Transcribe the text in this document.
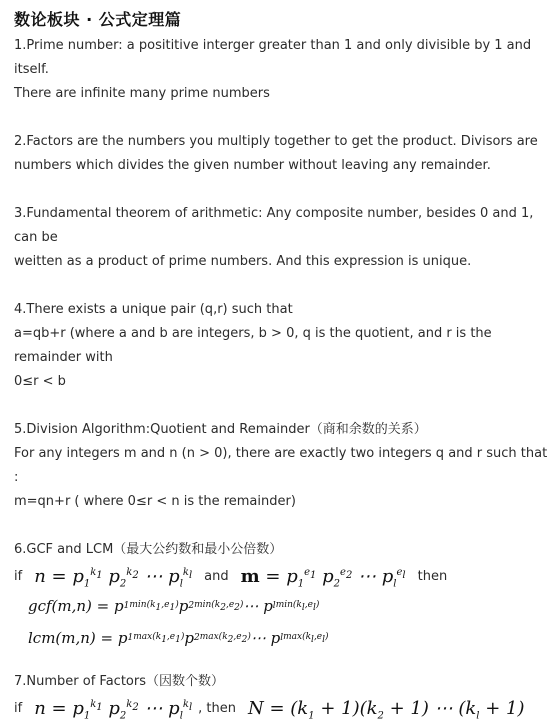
数论板块 · 公式定理篇

1.Prime number: a posititive interger greater than 1 and only divisible by 1 and itself.

There are infinite many prime numbers

2.Factors are the numbers you multiply together to get the product. Divisors are

numbers which divides the given number without leaving any remainder.

3.Fundamental theorem of arithmetic: Any composite number, besides 0 and 1, can be

weitten as a product of prime numbers. And this expression is unique.

4.There exists a unique pair (q,r) such that

a=qb+r (where a and b are integers, b > 0, q is the quotient, and r is the remainder with

0≤r < b

5.Division Algorithm:Quotient and Remainder（商和余数的关系）

For any integers m and n (n > 0), there are exactly two integers q and r such that :

m=qn+r ( where 0≤r < n is the remainder)

6.GCF and LCM（最大公约数和最小公倍数）

if $n = p_1^{k_1}$ $p_2^{k_2}$ ⋯ $p_l^{k_l}$ and $m = p_1^{e_1}$ $p_2^{e_2}$ ⋯ $p_l^{e_l}$ then
gcf(m,n) = p 1 $\min(k_1,e_1)$ p 2 $\min(k_2,e_2)$ ⋯ p l $\min(k_l,e_l)$
lcm(m,n) = p 1 $\max(k_1,e_1)$ p 2 $\max(k_2,e_2)$ ⋯ p l $\max(k_l,e_l)$

7.Number of Factors（因数个数）

if $n = p_1^{k_1}$ $p_2^{k_2}$ ⋯ $p_l^{k_l}$ , then $N = (k_1 + 1)(k_2 + 1)$ ⋯ $(k_l + 1)$
